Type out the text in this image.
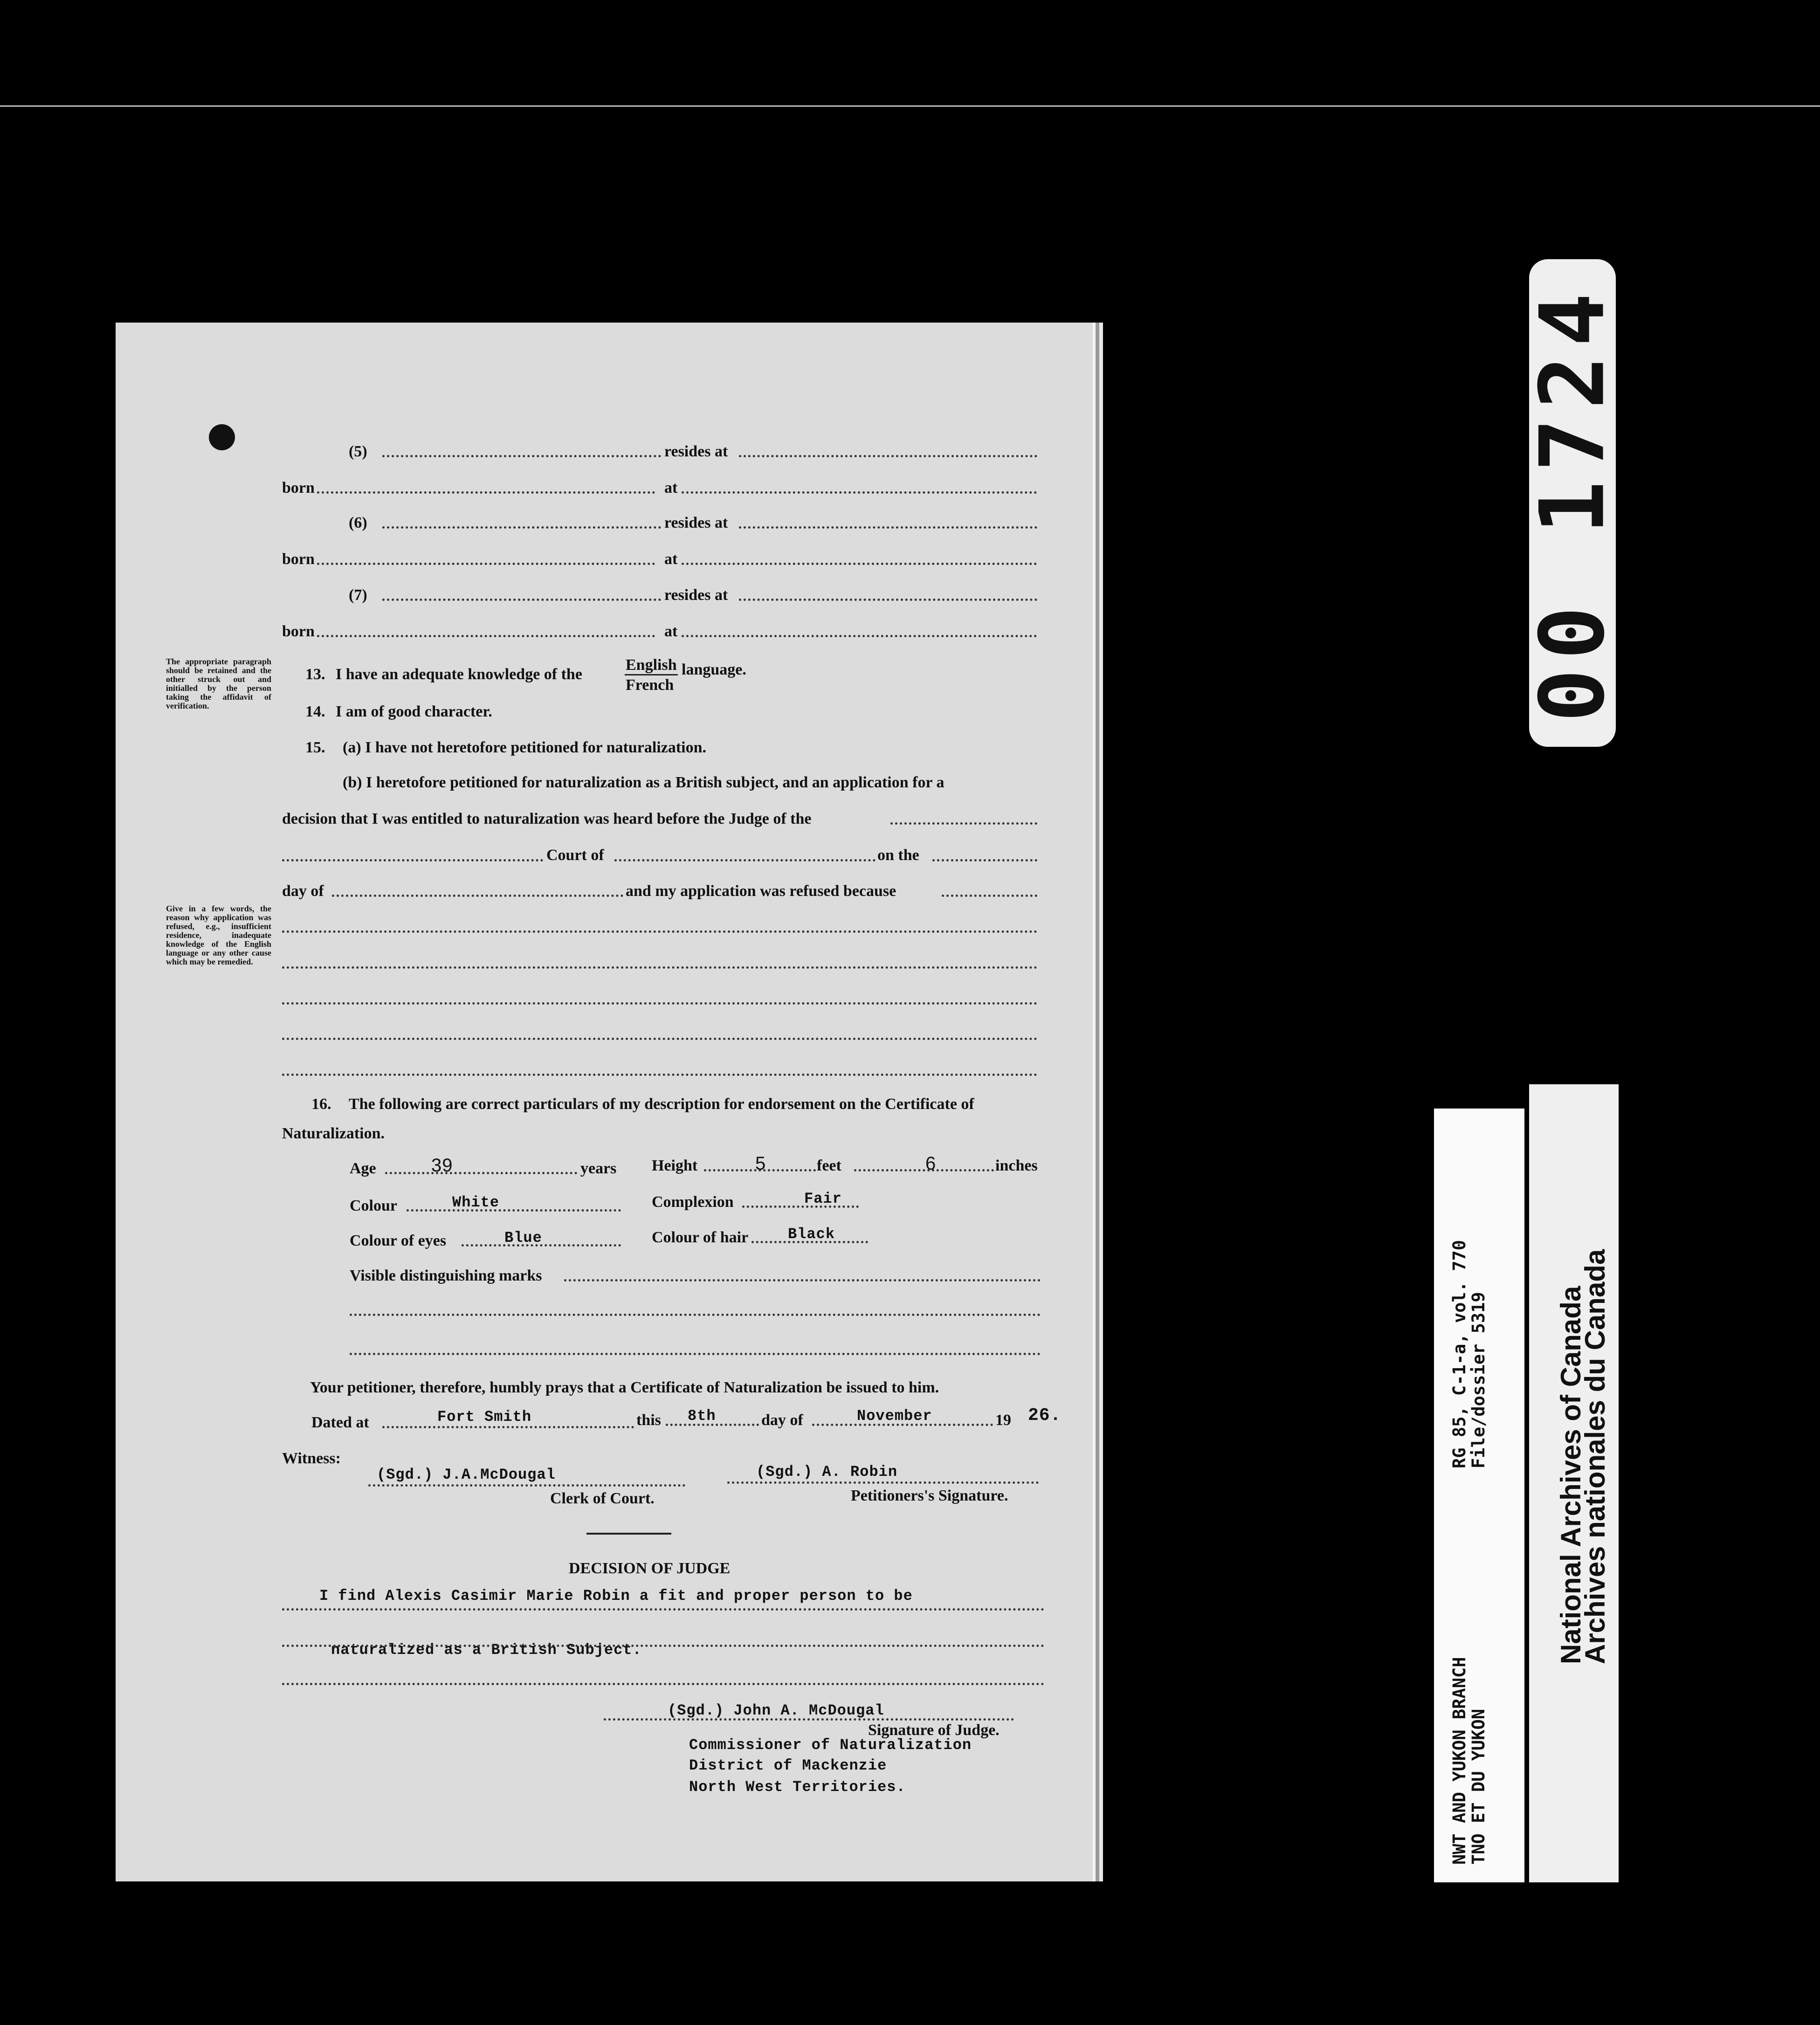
(5)	resides at
born	at
(6)	resides at
born	at
(7)	resides at
born	at
The appropriate paragraph should be retained and the other struck out and initialled by the person taking the affidavit of verification.
13. I have an adequate knowledge of the
English
French
language.
14. I am of good character.
15. (a) I have not heretofore petitioned for naturalization.
(b) I heretofore petitioned for naturalization as a British subject, and an application for a
decision that I was entitled to naturalization was heard before the Judge of the
Court of	on the
day of	and my application was refused because
Give in a few words, the reason why application was refused, e.g., insufficient residence, inadequate knowledge of the English language or any other cause which may be remedied.
16. The following are correct particulars of my description for endorsement on the Certificate of
Naturalization.
Age	39	years Height	5	feet	6	inches
Colour	White	Complexion	Fair
Colour of eyes	Blue	Colour of hair	Black
Visible distinguishing marks
Your petitioner, therefore, humbly prays that a Certificate of Naturalization be issued to him.
Dated at	Fort Smith	this 8th	day of	November	19 26.
Witness:
(Sgd.) J.A.McDougal
Clerk of Court.
(Sgd.) A. Robin
Petitioners's Signature.
DECISION OF JUDGE
I find Alexis Casimir Marie Robin a fit and proper person to be
naturalized as a British Subject.
(Sgd.) John A. McDougal
Signature of Judge.
Commissioner of Naturalization
District of Mackenzie
North West Territories.
00 1724
RG 85, C-1-a, vol. 770
File/dossier 5319
NWT AND YUKON BRANCH
TNO ET DU YUKON
National Archives of Canada
Archives nationales du Canada
